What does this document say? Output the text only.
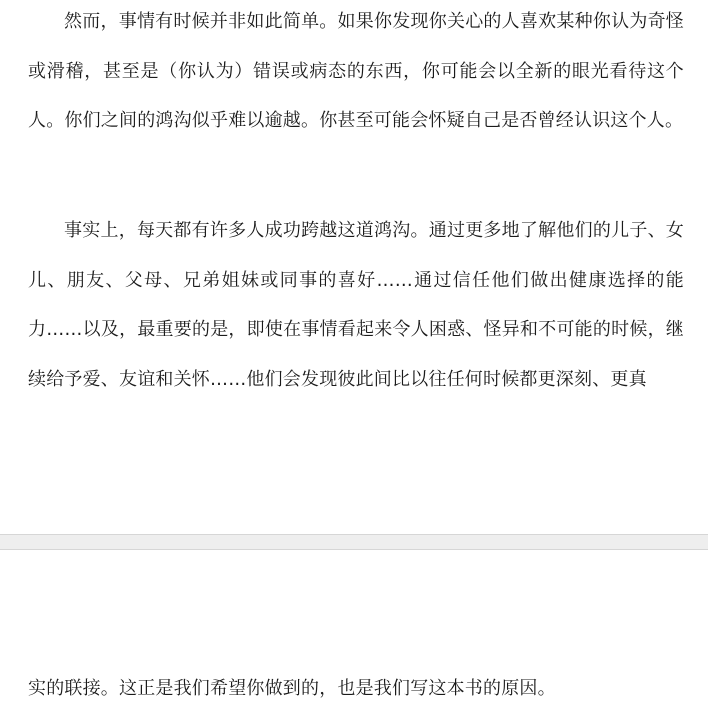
然而，事情有时候并非如此简单。如果你发现你关心的人喜欢某种你认为奇怪或滑稽，甚至是（你认为）错误或病态的东西，你可能会以全新的眼光看待这个人。你们之间的鸿沟似乎难以逾越。你甚至可能会怀疑自己是否曾经认识这个人。

事实上，每天都有许多人成功跨越这道鸿沟。通过更多地了解他们的儿子、女儿、朋友、父母、兄弟姐妹或同事的喜好……通过信任他们做出健康选择的能力……以及，最重要的是，即使在事情看起来令人困惑、怪异和不可能的时候，继续给予爱、友谊和关怀……他们会发现彼此间比以往任何时候都更深刻、更真

实的联接。这正是我们希望你做到的，也是我们写这本书的原因。
